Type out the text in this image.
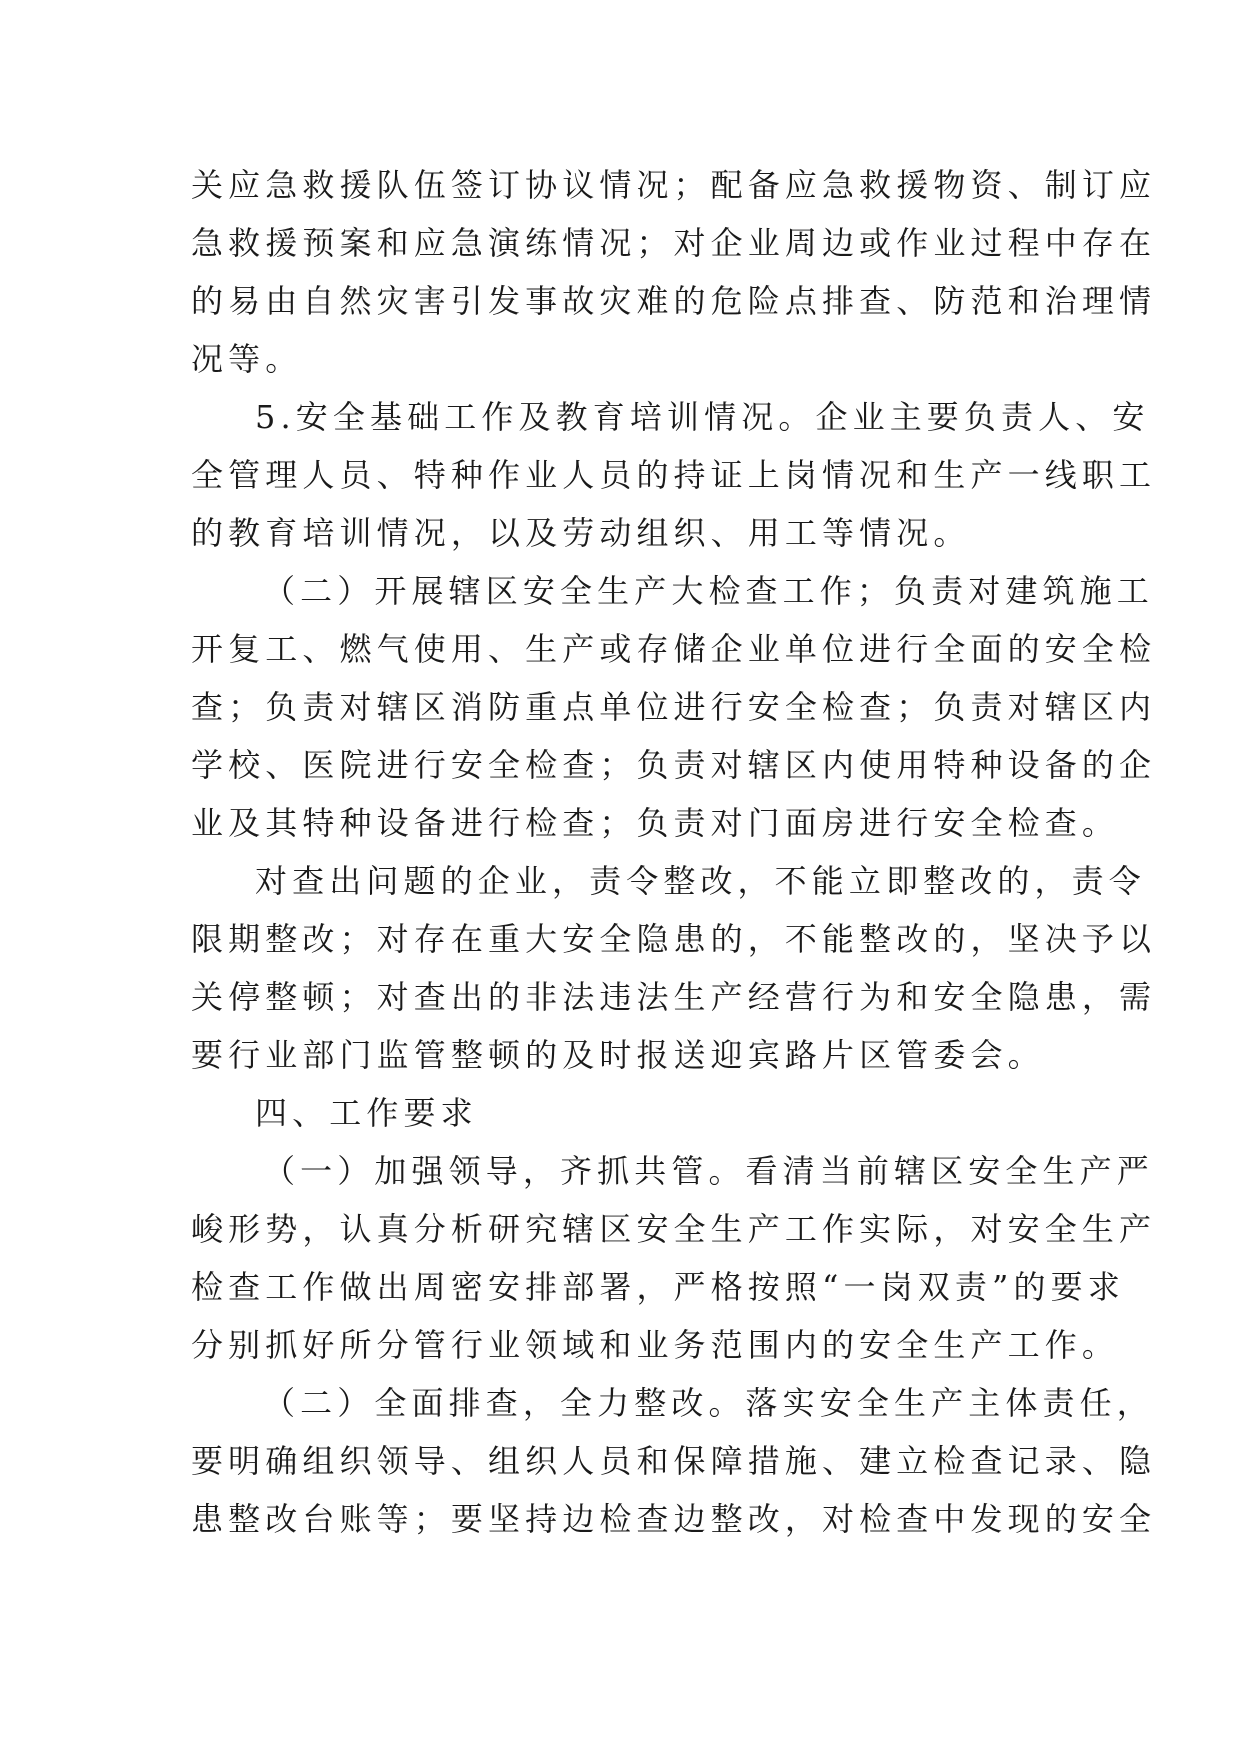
关应急救援队伍签订协议情况；配备应急救援物资、制订应
急救援预案和应急演练情况；对企业周边或作业过程中存在
的易由自然灾害引发事故灾难的危险点排查、防范和治理情
况等。
5.安全基础工作及教育培训情况。企业主要负责人、安
全管理人员、特种作业人员的持证上岗情况和生产一线职工
的教育培训情况，以及劳动组织、用工等情况。
（二）开展辖区安全生产大检查工作；负责对建筑施工
开复工、燃气使用、生产或存储企业单位进行全面的安全检
查；负责对辖区消防重点单位进行安全检查；负责对辖区内
学校、医院进行安全检查；负责对辖区内使用特种设备的企
业及其特种设备进行检查；负责对门面房进行安全检查。
对查出问题的企业，责令整改，不能立即整改的，责令
限期整改；对存在重大安全隐患的，不能整改的，坚决予以
关停整顿；对查出的非法违法生产经营行为和安全隐患，需
要行业部门监管整顿的及时报送迎宾路片区管委会。
四、工作要求
（一）加强领导，齐抓共管。看清当前辖区安全生产严
峻形势，认真分析研究辖区安全生产工作实际，对安全生产
检查工作做出周密安排部署，严格按照“一岗双责”的要求
分别抓好所分管行业领域和业务范围内的安全生产工作。
（二）全面排查，全力整改。落实安全生产主体责任，
要明确组织领导、组织人员和保障措施、建立检查记录、隐
患整改台账等；要坚持边检查边整改，对检查中发现的安全
